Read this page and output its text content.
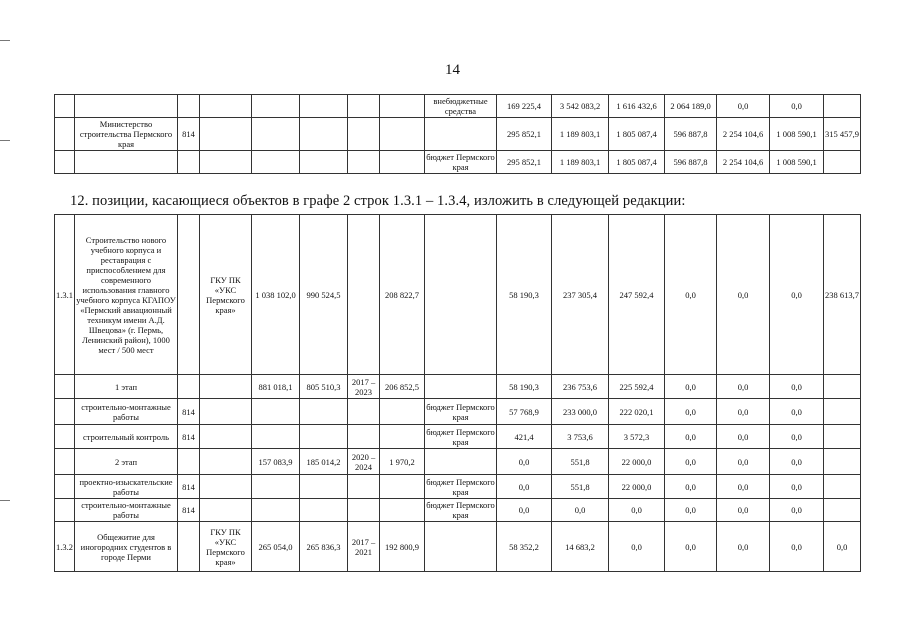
14
								внебюджетные средства	169 225,4	3 542 083,2	1 616 432,6	2 064 189,0	0,0	0,0	
	Министерство строительства Пермского края	814							295 852,1	1 189 803,1	1 805 087,4	596 887,8	2 254 104,6	1 008 590,1	315 457,9
								бюджет Пермского края	295 852,1	1 189 803,1	1 805 087,4	596 887,8	2 254 104,6	1 008 590,1	
12. позиции, касающиеся объектов в графе 2 строк 1.3.1 – 1.3.4, изложить в следующей редакции:
1.3.1	Строительство нового учебного корпуса и реставрация с приспособлением для современного использования главного учебного корпуса КГАПОУ «Пермский авиационный техникум имени А.Д. Швецова» (г. Пермь, Ленинский район), 1000 мест / 500 мест		ГКУ ПК «УКС Пермского края»	1 038 102,0	990 524,5		208 822,7		58 190,3	237 305,4	247 592,4	0,0	0,0	0,0	238 613,7
	1 этап			881 018,1	805 510,3	2017 – 2023	206 852,5		58 190,3	236 753,6	225 592,4	0,0	0,0	0,0	
	строительно-монтажные работы	814						бюджет Пермского края	57 768,9	233 000,0	222 020,1	0,0	0,0	0,0	
	строительный контроль	814						бюджет Пермского края	421,4	3 753,6	3 572,3	0,0	0,0	0,0	
	2 этап			157 083,9	185 014,2	2020 – 2024	1 970,2		0,0	551,8	22 000,0	0,0	0,0	0,0	
	проектно-изыскательские работы	814						бюджет Пермского края	0,0	551,8	22 000,0	0,0	0,0	0,0	
	строительно-монтажные работы	814						бюджет Пермского края	0,0	0,0	0,0	0,0	0,0	0,0	
1.3.2	Общежитие для иногородних студентов в городе Перми		ГКУ ПК «УКС Пермского края»	265 054,0	265 836,3	2017 – 2021	192 800,9		58 352,2	14 683,2	0,0	0,0	0,0	0,0	0,0
